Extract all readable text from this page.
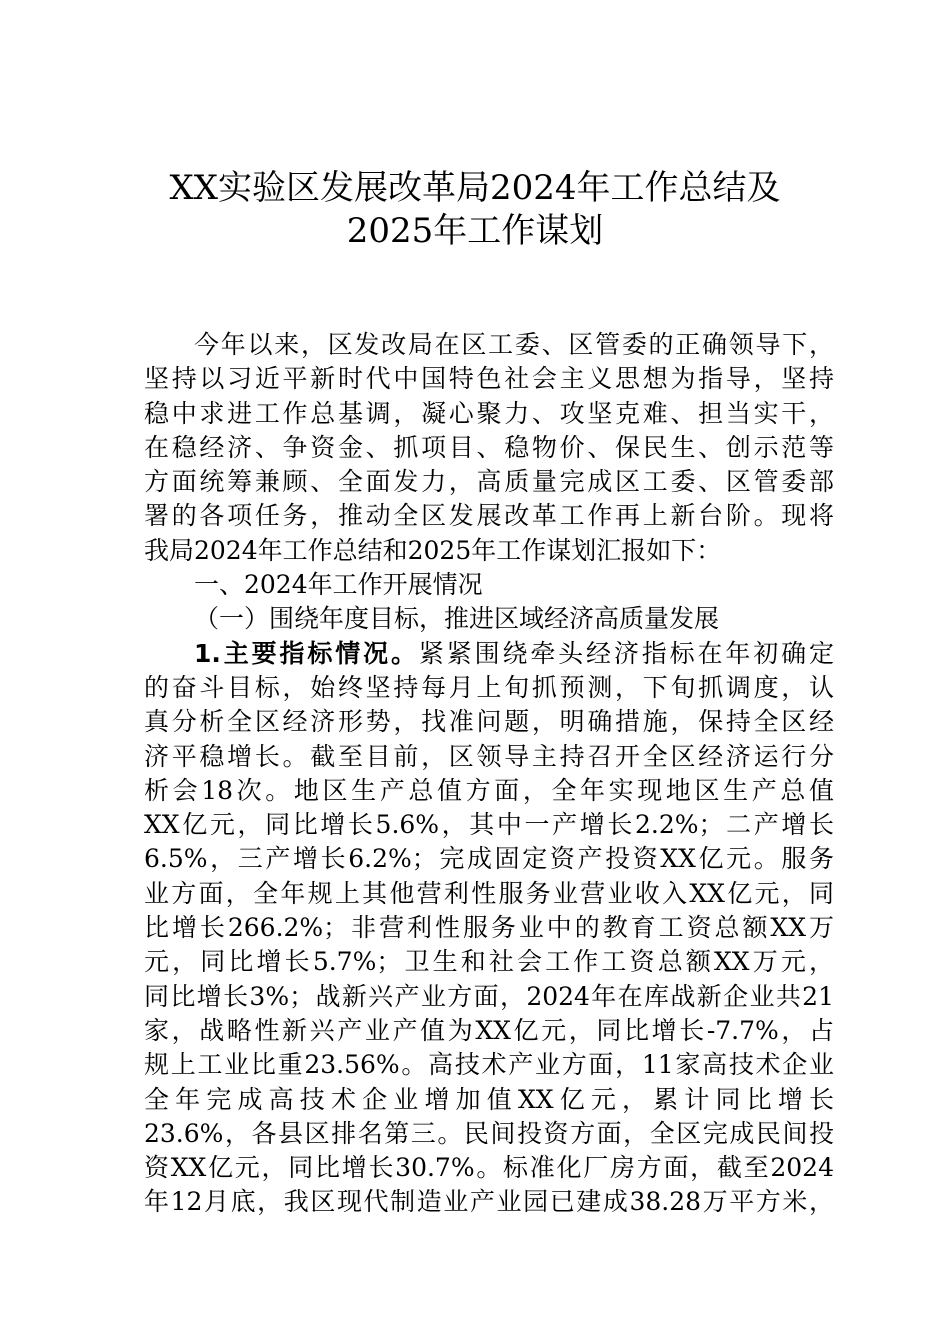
XX实验区发展改革局2024年工作总结及
2025年工作谋划
今年以来，区发改局在区工委、区管委的正确领导下，
坚持以习近平新时代中国特色社会主义思想为指导，坚持
稳中求进工作总基调，凝心聚力、攻坚克难、担当实干，
在稳经济、争资金、抓项目、稳物价、保民生、创示范等
方面统筹兼顾、全面发力，高质量完成区工委、区管委部
署的各项任务，推动全区发展改革工作再上新台阶。现将
我局2024年工作总结和2025年工作谋划汇报如下：
一、2024年工作开展情况
（一）围绕年度目标，推进区域经济高质量发展
1.主要指标情况。紧紧围绕牵头经济指标在年初确定
的奋斗目标，始终坚持每月上旬抓预测，下旬抓调度，认
真分析全区经济形势，找准问题，明确措施，保持全区经
济平稳增长。截至目前，区领导主持召开全区经济运行分
析会18次。地区生产总值方面，全年实现地区生产总值
XX亿元，同比增长5.6%，其中一产增长2.2%；二产增长
6.5%，三产增长6.2%；完成固定资产投资XX亿元。服务
业方面，全年规上其他营利性服务业营业收入XX亿元，同
比增长266.2%；非营利性服务业中的教育工资总额XX万
元，同比增长5.7%；卫生和社会工作工资总额XX万元，
同比增长3%；战新兴产业方面，2024年在库战新企业共21
家，战略性新兴产业产值为XX亿元，同比增长-7.7%，占
规上工业比重23.56%。高技术产业方面，11家高技术企业
全年完成高技术企业增加值XX亿元，累计同比增长
23.6%，各县区排名第三。民间投资方面，全区完成民间投
资XX亿元，同比增长30.7%。标准化厂房方面，截至2024
年12月底，我区现代制造业产业园已建成38.28万平方米，
